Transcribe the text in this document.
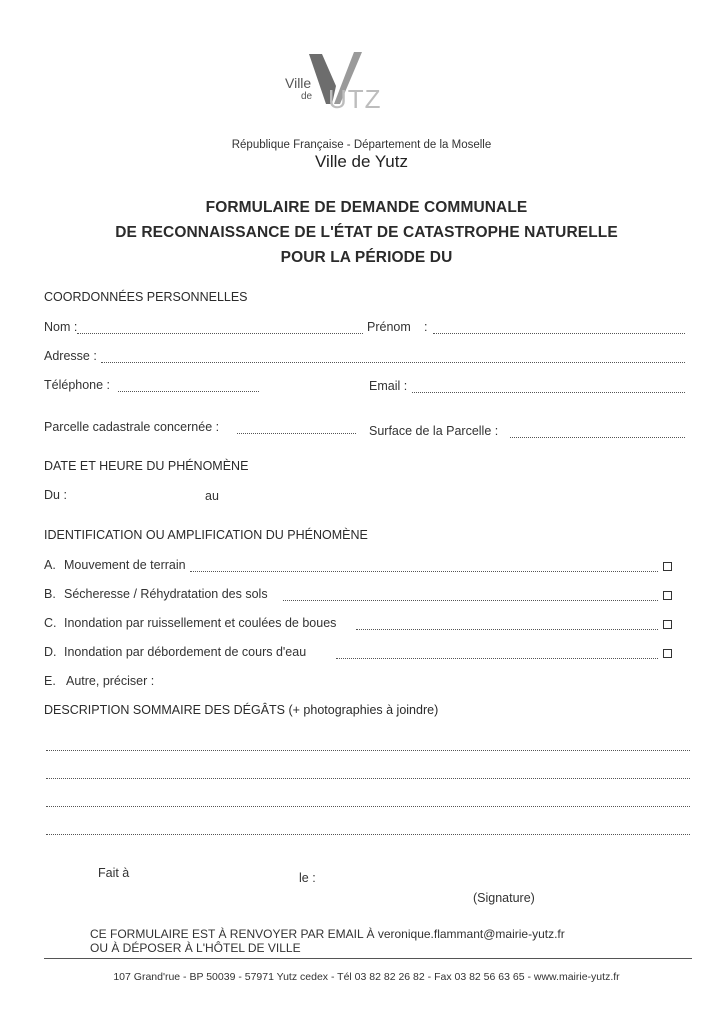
Ville
de UTZ
République Française - Département de la Moselle
Ville de Yutz
FORMULAIRE DE DEMANDE COMMUNALE
DE RECONNAISSANCE DE L'ÉTAT DE CATASTROPHE NATURELLE
POUR LA PÉRIODE DU
COORDONNÉES PERSONNELLES
Nom :	Prénom :
Adresse :
Téléphone :	Email :
Parcelle cadastrale concernée :	Surface de la Parcelle :
DATE ET HEURE DU PHÉNOMÈNE
Du :	au
IDENTIFICATION OU AMPLIFICATION DU PHÉNOMÈNE
A. Mouvement de terrain
B. Sécheresse / Réhydratation des sols
C. Inondation par ruissellement et coulées de boues
D. Inondation par débordement de cours d'eau
E. Autre, préciser :
DESCRIPTION SOMMAIRE DES DÉGÂTS (+ photographies à joindre)
Fait à	le :
(Signature)
CE FORMULAIRE EST À RENVOYER PAR EMAIL À veronique.flammant@mairie-yutz.fr
OU À DÉPOSER À L'HÔTEL DE VILLE
107 Grand'rue - BP 50039 - 57971 Yutz cedex - Tél 03 82 82 26 82 - Fax 03 82 56 63 65 - www.mairie-yutz.fr
